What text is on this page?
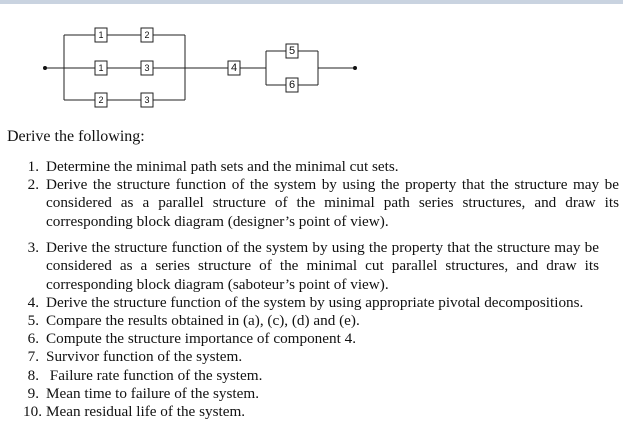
1	2
1	3
2	3
4
5
6
Derive the following:
1. Determine the minimal path sets and the minimal cut sets.
2. Derive the structure function of the system by using the property that the structure may be considered as a parallel structure of the minimal path series structures, and draw its corresponding block diagram (designer’s point of view).
3. Derive the structure function of the system by using the property that the structure may be considered as a series structure of the minimal cut parallel structures, and draw its corresponding block diagram (saboteur’s point of view).
4. Derive the structure function of the system by using appropriate pivotal decompositions.
5. Compare the results obtained in (a), (c), (d) and (e).
6. Compute the structure importance of component 4.
7. Survivor function of the system.
8. Failure rate function of the system.
9. Mean time to failure of the system.
10. Mean residual life of the system.
